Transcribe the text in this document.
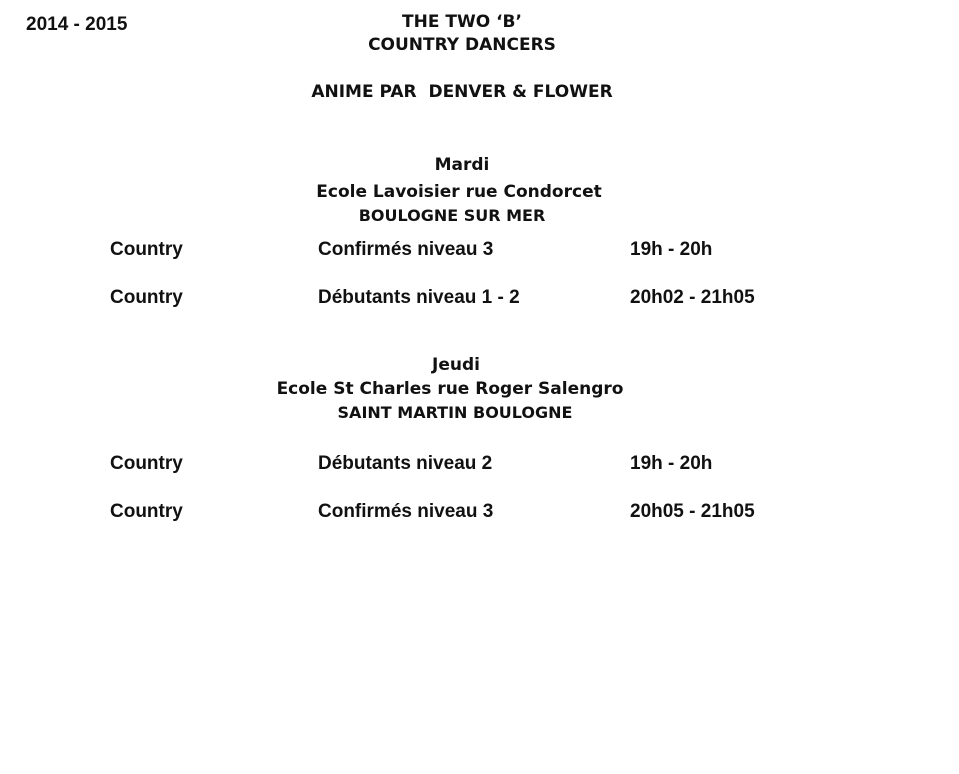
2014 - 2015	THE TWO ‘B’
COUNTRY DANCERS
ANIME PAR  DENVER & FLOWER
Mardi
Ecole Lavoisier rue Condorcet
BOULOGNE SUR MER
Country	Confirmés niveau 3	19h - 20h
Country	Débutants niveau 1 - 2	20h02 - 21h05
Jeudi
Ecole St Charles rue Roger Salengro
SAINT MARTIN BOULOGNE
Country	Débutants niveau 2	19h - 20h
Country	Confirmés niveau 3	20h05 - 21h05
